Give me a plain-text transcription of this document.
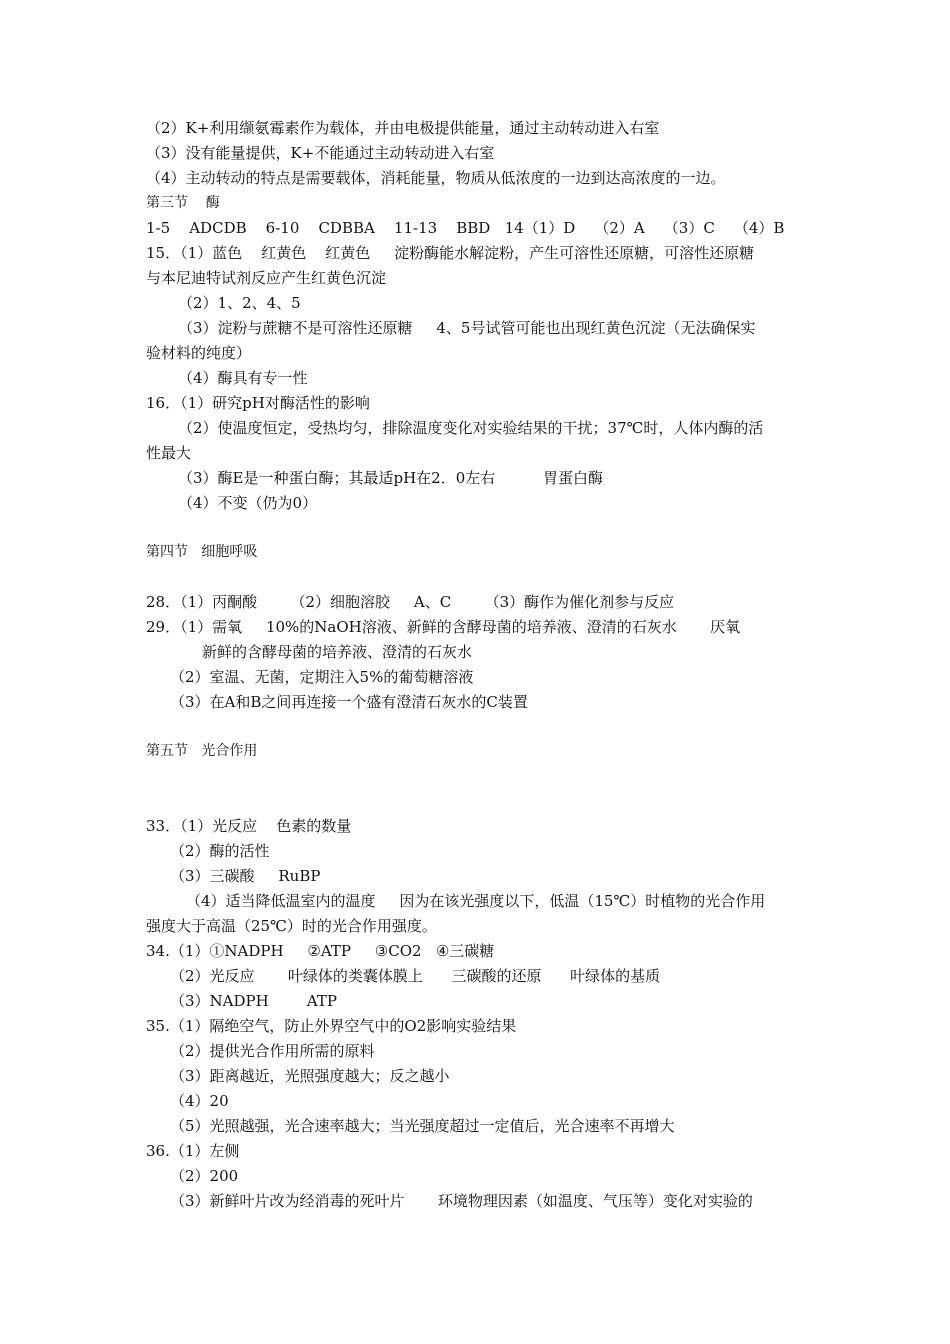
（2）K+利用缬氨霉素作为载体，并由电极提供能量，通过主动转动进入右室
（3）没有能量提供，K+不能通过主动转动进入右室
（4）主动转动的特点是需要载体，消耗能量，物质从低浓度的一边到达高浓度的一边。
第三节    酶
1-5    ADCDB    6-10    CDBBA    11-13    BBD   14（1）D    （2）A    （3）C    （4）B
15．（1）蓝色    红黄色    红黄色     淀粉酶能水解淀粉，产生可溶性还原糖，可溶性还原糖
与本尼迪特试剂反应产生红黄色沉淀
（2）1、2、4、5
（3）淀粉与蔗糖不是可溶性还原糖     4、5号试管可能也出现红黄色沉淀（无法确保实
验材料的纯度）
（4）酶具有专一性
16．（1）研究pH对酶活性的影响
（2）使温度恒定，受热均匀，排除温度变化对实验结果的干扰；37℃时，人体内酶的活
性最大
（3）酶E是一种蛋白酶；其最适pH在2．0左右          胃蛋白酶
（4）不变（仍为0）
第四节   细胞呼吸
28．（1）丙酮酸       （2）细胞溶胶     A、C       （3）酶作为催化剂参与反应
29．（1）需氧     10%的NaOH溶液、新鲜的含酵母菌的培养液、澄清的石灰水       厌氧
新鲜的含酵母菌的培养液、澄清的石灰水
（2）室温、无菌，定期注入5%的葡萄糖溶液
（3）在A和B之间再连接一个盛有澄清石灰水的C装置
第五节   光合作用
33．（1）光反应    色素的数量
（2）酶的活性
（3）三碳酸     RuBP
（4）适当降低温室内的温度     因为在该光强度以下，低温（15℃）时植物的光合作用
强度大于高温（25℃）时的光合作用强度。
34.（1）①NADPH     ②ATP     ③CO2   ④三碳糖
（2）光反应       叶绿体的类囊体膜上      三碳酸的还原      叶绿体的基质
（3）NADPH        ATP
35.（1）隔绝空气，防止外界空气中的O2影响实验结果
（2）提供光合作用所需的原料
（3）距离越近，光照强度越大；反之越小
（4）20
（5）光照越强，光合速率越大；当光强度超过一定值后，光合速率不再增大
36.（1）左侧
（2）200
（3）新鲜叶片改为经消毒的死叶片       环境物理因素（如温度、气压等）变化对实验的
